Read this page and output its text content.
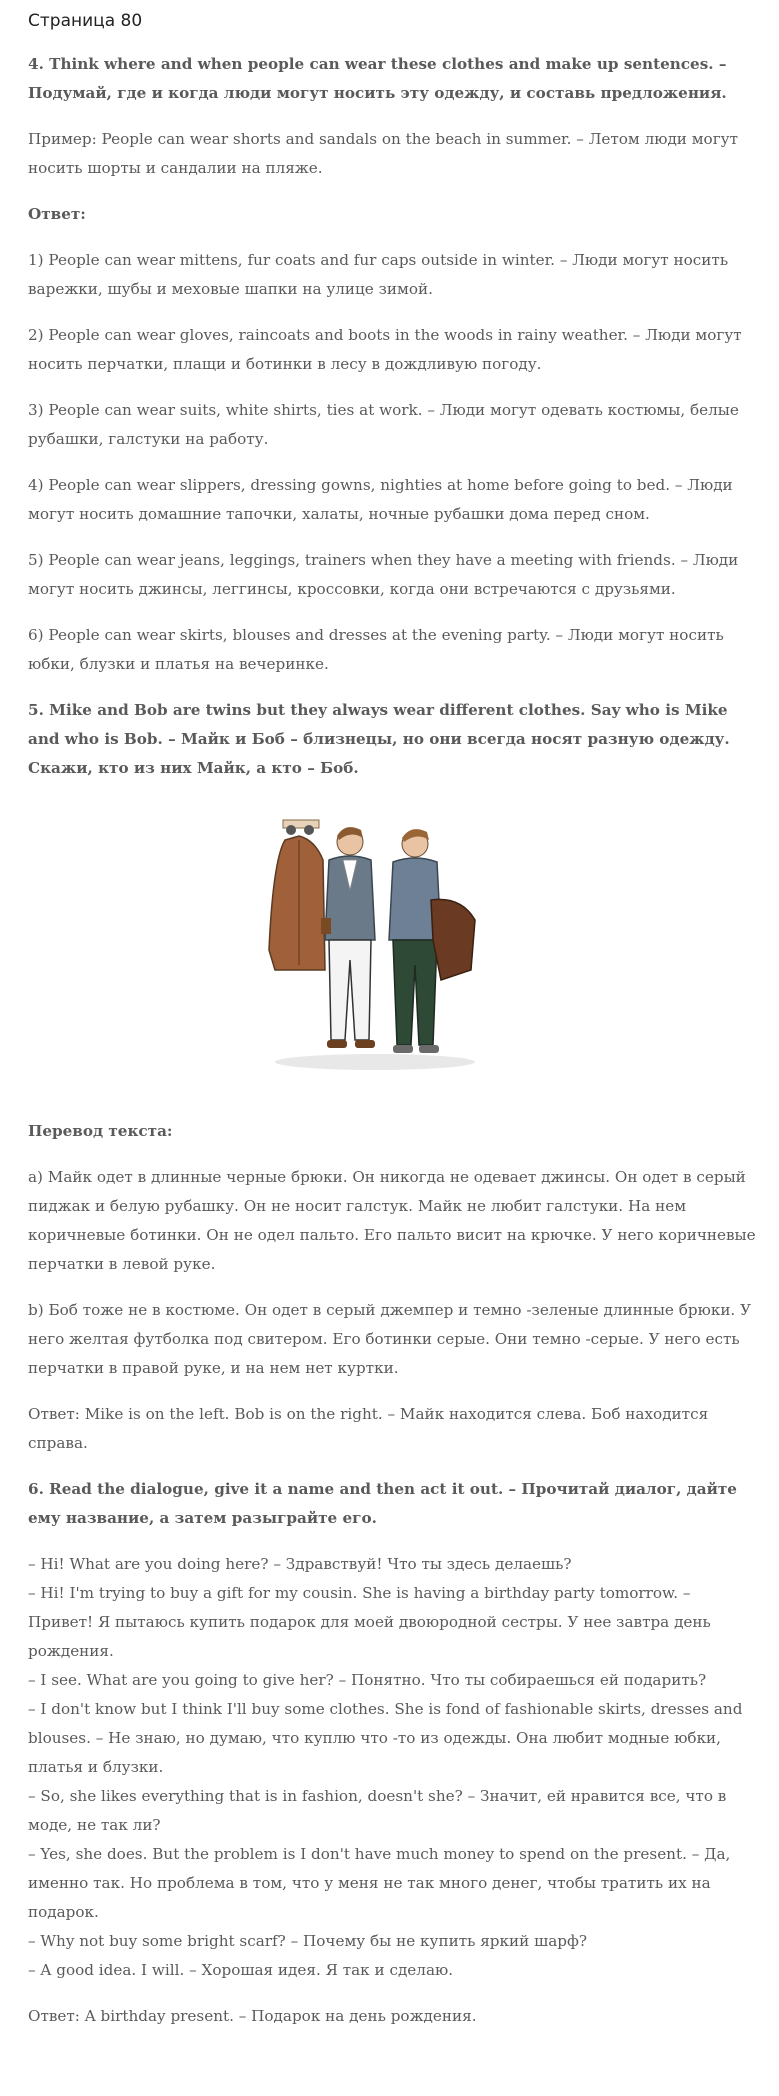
Страница 80

4. Think where and when people can wear these clothes and make up sentences. – Подумай, где и когда люди могут носить эту одежду, и составь предложения.

Пример: People can wear shorts and sandals on the beach in summer. – Летом люди могут носить шорты и сандалии на пляже.

Ответ:

1) People can wear mittens, fur coats and fur caps outside in winter. – Люди могут носить варежки, шубы и меховые шапки на улице зимой.

2) People can wear gloves, raincoats and boots in the woods in rainy weather. – Люди могут носить перчатки, плащи и ботинки в лесу в дождливую погоду.

3) People can wear suits, white shirts, ties at work. – Люди могут одевать костюмы, белые рубашки, галстуки на работу.

4) People can wear slippers, dressing gowns, nighties at home before going to bed. – Люди могут носить домашние тапочки, халаты, ночные рубашки дома перед сном.

5) People can wear jeans, leggings, trainers when they have a meeting with friends. – Люди могут носить джинсы, леггинсы, кроссовки, когда они встречаются с друзьями.

6) People can wear skirts, blouses and dresses at the evening party. – Люди могут носить юбки, блузки и платья на вечеринке.

5. Mike and Bob are twins but they always wear different clothes. Say who is Mike and who is Bob. – Майк и Боб – близнецы, но они всегда носят разную одежду. Скажи, кто из них Майк, а кто – Боб.

Перевод текста:

a) Майк одет в длинные черные брюки. Он никогда не одевает джинсы. Он одет в серый пиджак и белую рубашку. Он не носит галстук. Майк не любит галстуки. На нем коричневые ботинки. Он не одел пальто. Его пальто висит на крючке. У него коричневые перчатки в левой руке.

b) Боб тоже не в костюме. Он одет в серый джемпер и темно -зеленые длинные брюки. У него желтая футболка под свитером. Его ботинки серые. Они темно -серые. У него есть перчатки в правой руке, и на нем нет куртки.

Ответ: Mike is on the left. Bob is on the right. – Майк находится слева. Боб находится справа.

6. Read the dialogue, give it a name and then act it out. – Прочитай диалог, дайте ему название, а затем разыграйте его.

– Hi! What are you doing here? – Здравствуй! Что ты здесь делаешь?

– Hi! I'm trying to buy a gift for my cousin. She is having a birthday party tomorrow. – Привет! Я пытаюсь купить подарок для моей двоюродной сестры. У нее завтра день рождения.

– I see. What are you going to give her? – Понятно. Что ты собираешься ей подарить?

– I don't know but I think I'll buy some clothes. She is fond of fashionable skirts, dresses and blouses. – Не знаю, но думаю, что куплю что -то из одежды. Она любит модные юбки, платья и блузки.

– So, she likes everything that is in fashion, doesn't she? – Значит, ей нравится все, что в моде, не так ли?

– Yes, she does. But the problem is I don't have much money to spend on the present. – Да, именно так. Но проблема в том, что у меня не так много денег, чтобы тратить их на подарок.

– Why not buy some bright scarf? – Почему бы не купить яркий шарф?

– A good idea. I will. – Хорошая идея. Я так и сделаю.

Ответ: A birthday present. – Подарок на день рождения.
